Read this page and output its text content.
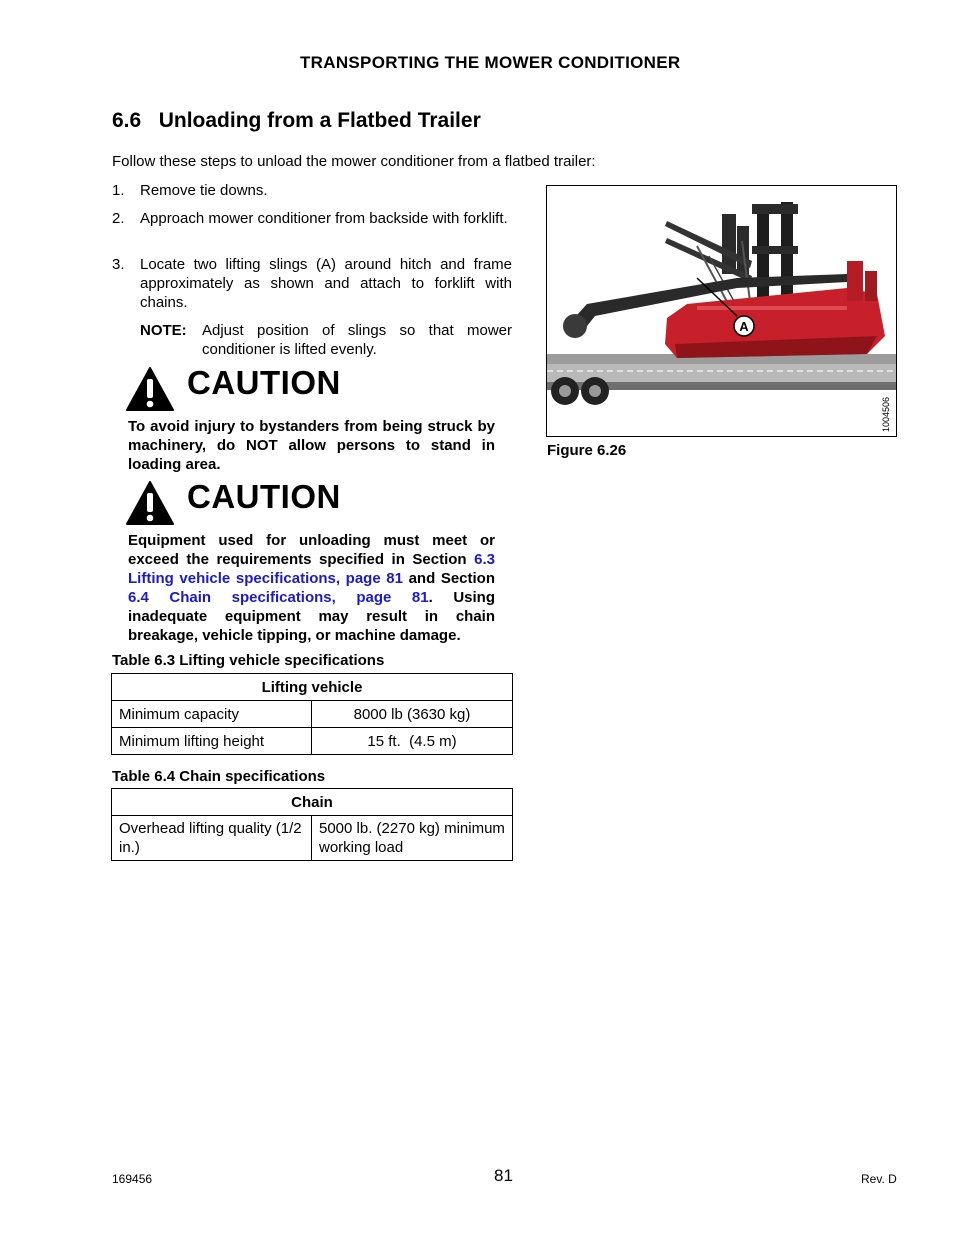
TRANSPORTING THE MOWER CONDITIONER
6.6   Unloading from a Flatbed Trailer
Follow these steps to unload the mower conditioner from a flatbed trailer:
1. Remove tie downs.
2. Approach mower conditioner from backside with forklift.
3. Locate two lifting slings (A) around hitch and frame approximately as shown and attach to forklift with chains.
NOTE: Adjust position of slings so that mower conditioner is lifted evenly.
CAUTION
To avoid injury to bystanders from being struck by machinery, do NOT allow persons to stand in loading area.
CAUTION
Equipment used for unloading must meet or exceed the requirements specified in Section 6.3 Lifting vehicle specifications, page 81 and Section 6.4 Chain specifications, page 81. Using inadequate equipment may result in chain breakage, vehicle tipping, or machine damage.
Table 6.3 Lifting vehicle specifications
Lifting vehicle	
Minimum capacity	8000 lb (3630 kg)
Minimum lifting height	15 ft.  (4.5 m)
Table 6.4 Chain specifications
Chain
Overhead lifting quality (1/2 in.)	5000 lb. (2270 kg) minimum working load
A
1004506
Figure 6.26
169456	81	Rev. D
